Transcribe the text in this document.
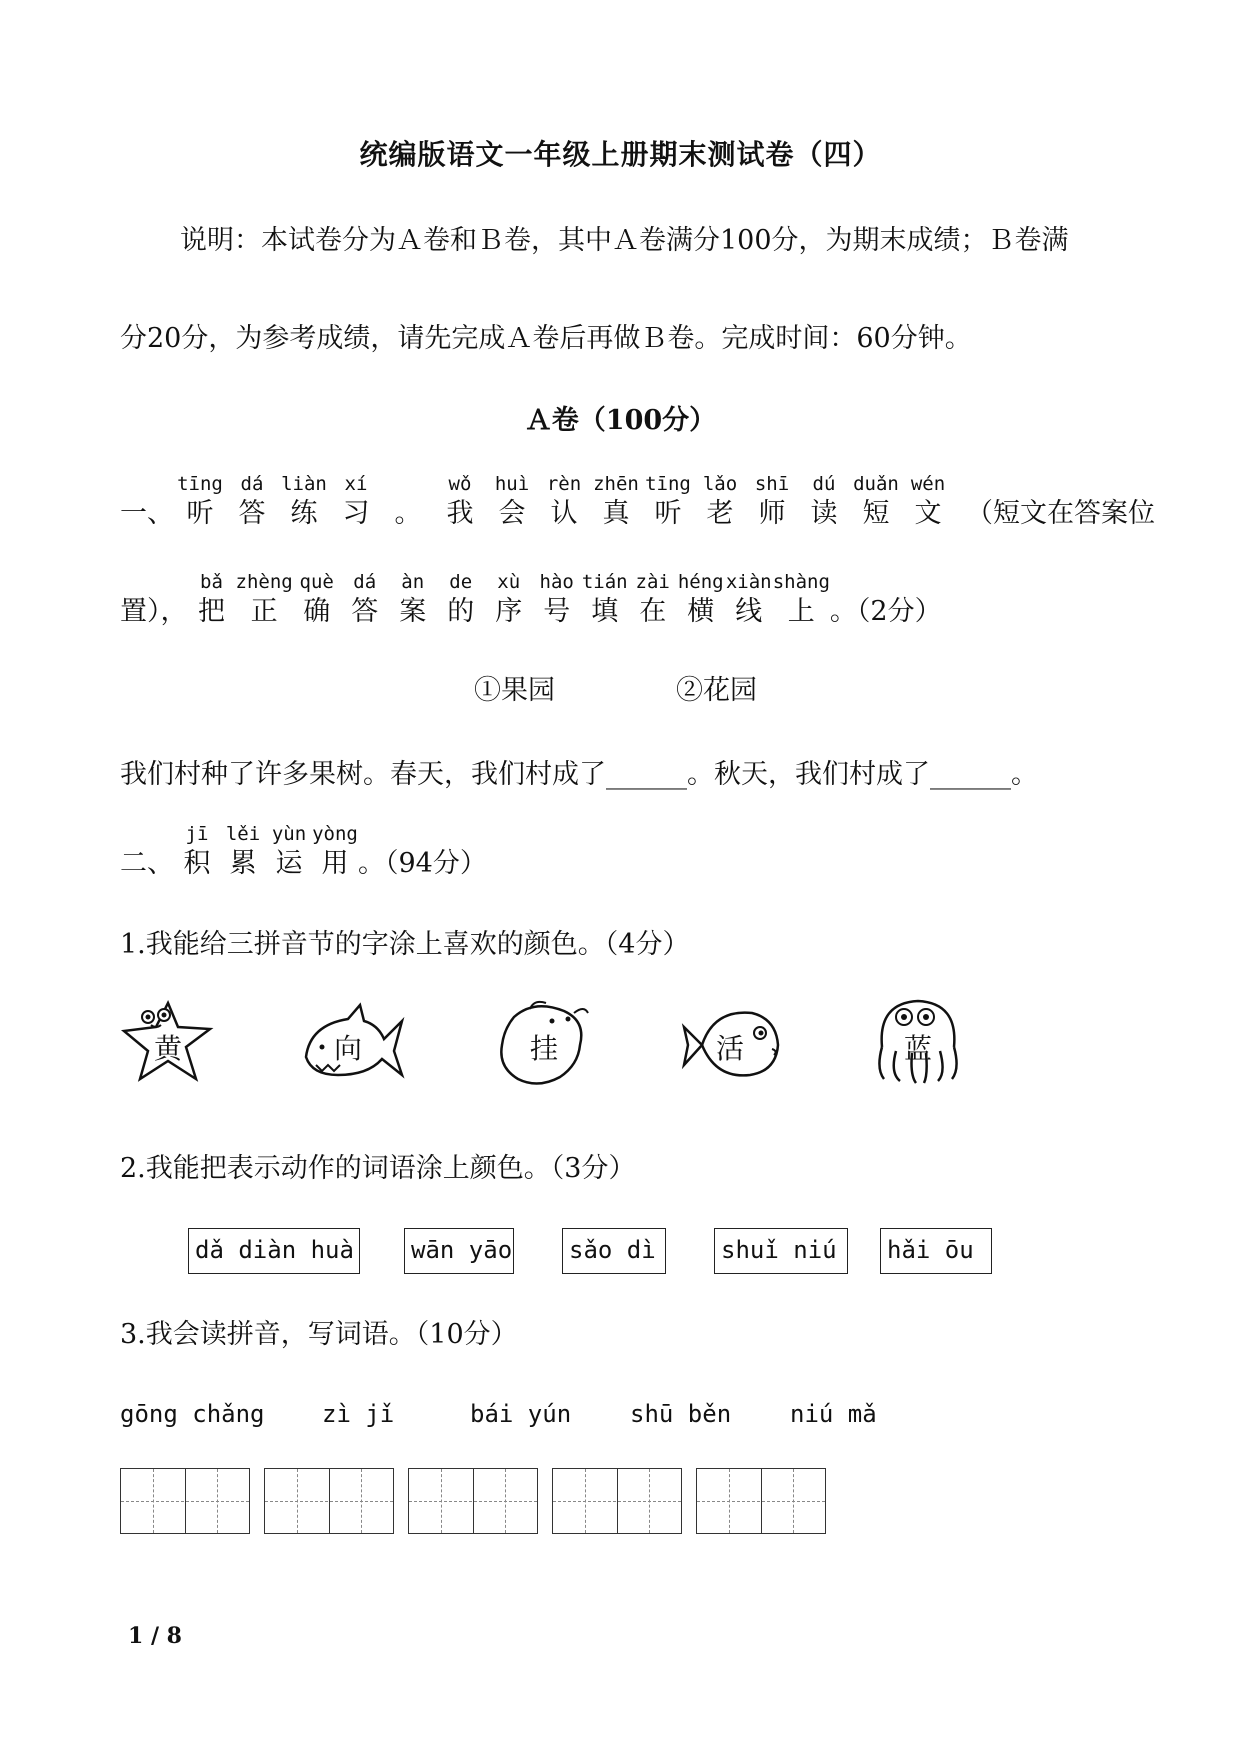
统编版语文一年级上册期末测试卷（四）
说明：本试卷分为Ａ卷和Ｂ卷，其中Ａ卷满分100分，为期末成绩；Ｂ卷满
分20分，为参考成绩，请先完成Ａ卷后再做Ｂ卷。完成时间：60分钟。
Ａ卷（100分）
一、
tīng
听
dá
答
liàn
练
xí
习 。
wǒ
我
huì
会
rèn
认
zhēn
真
tīng
听
lǎo
老
shī
师
dú
读
duǎn
短
wén
文 （短文在答案位
置），
bǎ
把
zhèng
正
què
确
dá
答
àn
案
de
的
xù
序
hào
号
tián
填
zài
在
héng
横
xiàn
线
shàng
上 。（2分）
①果园	②花园
我们村种了许多果树。春天，我们村成了______。秋天，我们村成了______。
二、
jī
积
lěi
累
yùn
运
yòng
用 。（94分）
1.我能给三拼音节的字涂上喜欢的颜色。（4分）
黄	向	挂	活	蓝
2.我能把表示动作的词语涂上颜色。（3分）
dǎ diàn huà wān yāo sǎo dì	shuǐ niú	hǎi ōu
3.我会读拼音，写词语。（10分）
gōng chǎng zì jǐ	bái yún shū běn niú mǎ
1 / 8
